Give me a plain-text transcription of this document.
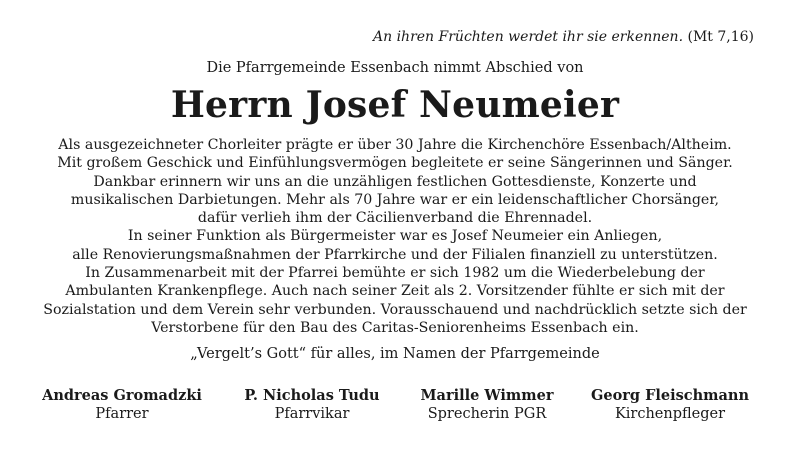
An ihren Früchten werdet ihr sie erkennen. (Mt 7,16)
Die Pfarrgemeinde Essenbach nimmt Abschied von
Herrn Josef Neumeier
Als ausgezeichneter Chorleiter prägte er über 30 Jahre die Kirchenchöre Essenbach/Altheim.
Mit großem Geschick und Einfühlungsvermögen begleitete er seine Sängerinnen und Sänger.
Dankbar erinnern wir uns an die unzähligen festlichen Gottesdienste, Konzerte und
musikalischen Darbietungen. Mehr als 70 Jahre war er ein leidenschaftlicher Chorsänger,
dafür verlieh ihm der Cäcilienverband die Ehrennadel.
In seiner Funktion als Bürgermeister war es Josef Neumeier ein Anliegen,
alle Renovierungsmaßnahmen der Pfarrkirche und der Filialen finanziell zu unterstützen.
In Zusammenarbeit mit der Pfarrei bemühte er sich 1982 um die Wiederbelebung der
Ambulanten Krankenpflege. Auch nach seiner Zeit als 2. Vorsitzender fühlte er sich mit der
Sozialstation und dem Verein sehr verbunden. Vorausschauend und nachdrücklich setzte sich der
Verstorbene für den Bau des Caritas-Seniorenheims Essenbach ein.
„Vergelt’s Gott“ für alles, im Namen der Pfarrgemeinde
Andreas Gromadzki
Pfarrer
P. Nicholas Tudu
Pfarrvikar
Marille Wimmer
Sprecherin PGR
Georg Fleischmann
Kirchenpfleger
